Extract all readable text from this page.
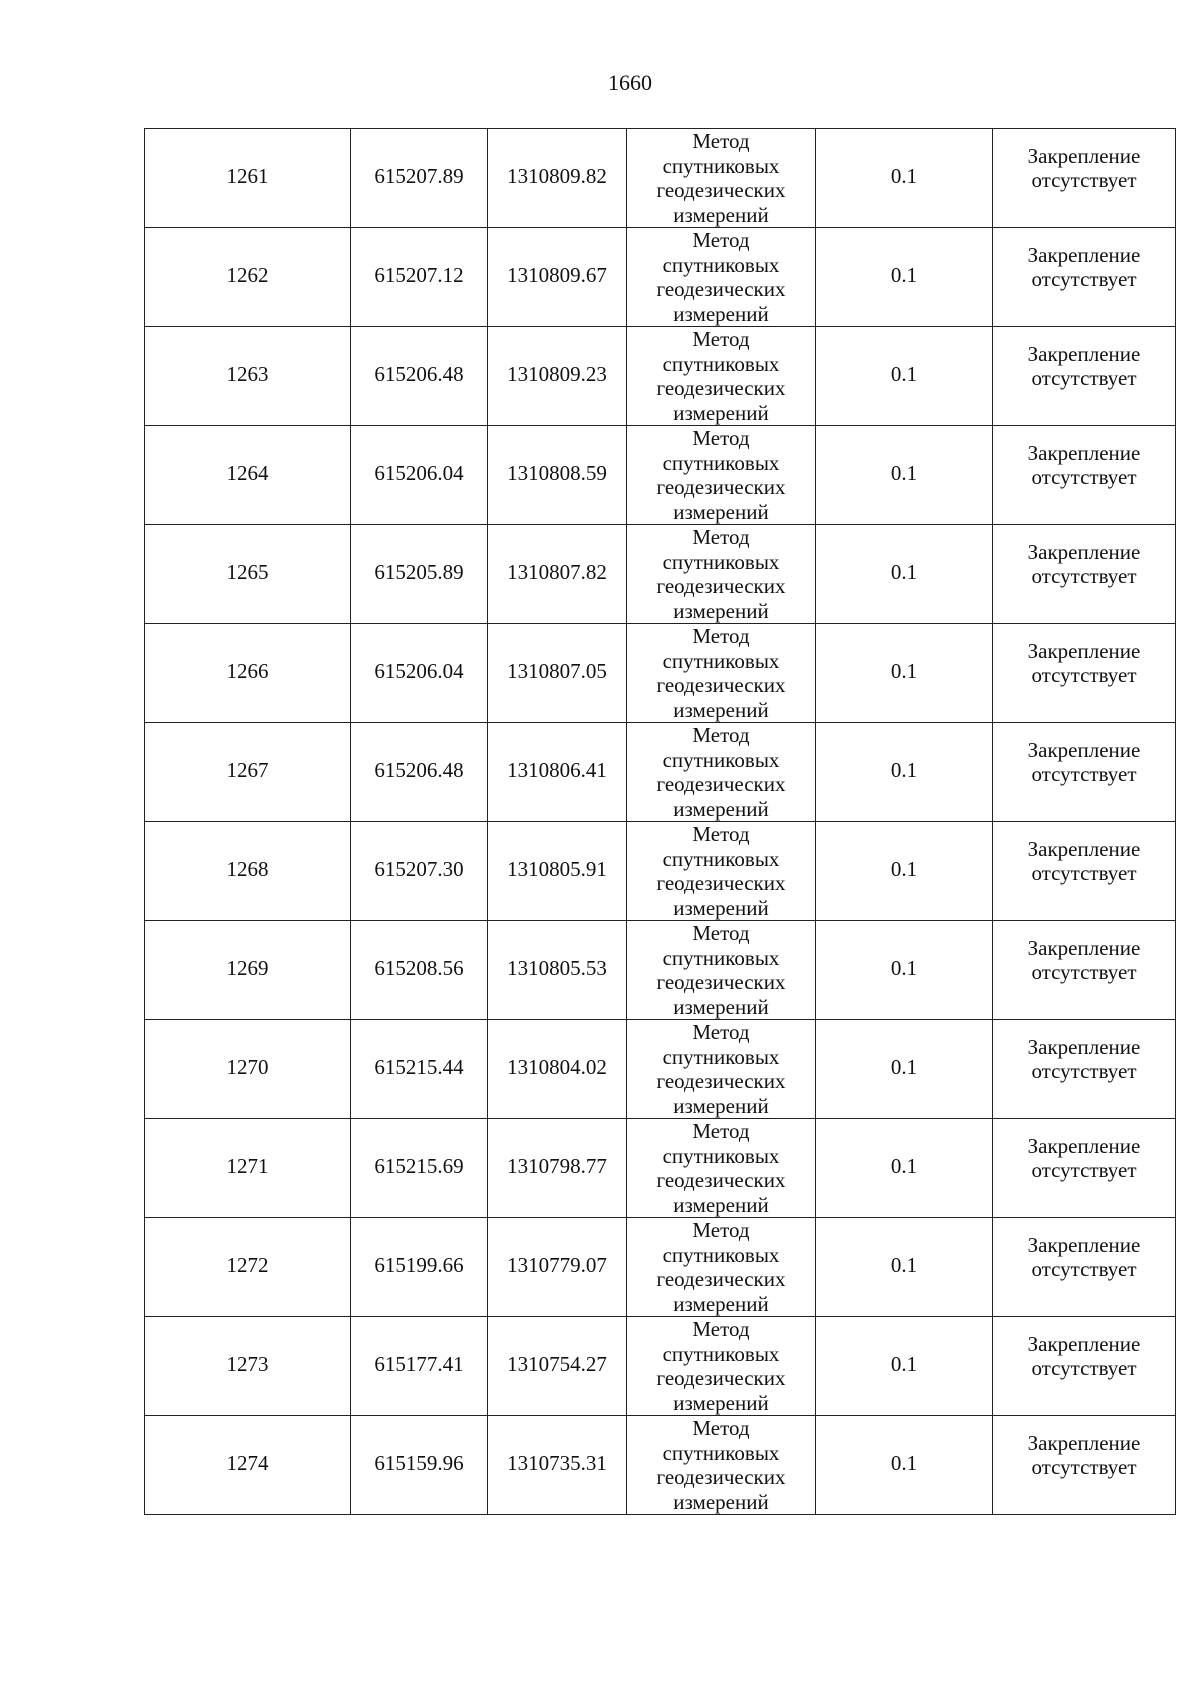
1660
1261	615207.89	1310809.82	Метод
спутниковых
геодезических
измерений	0.1	Закрепление
отсутствует
1262	615207.12	1310809.67	Метод
спутниковых
геодезических
измерений	0.1	Закрепление
отсутствует
1263	615206.48	1310809.23	Метод
спутниковых
геодезических
измерений	0.1	Закрепление
отсутствует
1264	615206.04	1310808.59	Метод
спутниковых
геодезических
измерений	0.1	Закрепление
отсутствует
1265	615205.89	1310807.82	Метод
спутниковых
геодезических
измерений	0.1	Закрепление
отсутствует
1266	615206.04	1310807.05	Метод
спутниковых
геодезических
измерений	0.1	Закрепление
отсутствует
1267	615206.48	1310806.41	Метод
спутниковых
геодезических
измерений	0.1	Закрепление
отсутствует
1268	615207.30	1310805.91	Метод
спутниковых
геодезических
измерений	0.1	Закрепление
отсутствует
1269	615208.56	1310805.53	Метод
спутниковых
геодезических
измерений	0.1	Закрепление
отсутствует
1270	615215.44	1310804.02	Метод
спутниковых
геодезических
измерений	0.1	Закрепление
отсутствует
1271	615215.69	1310798.77	Метод
спутниковых
геодезических
измерений	0.1	Закрепление
отсутствует
1272	615199.66	1310779.07	Метод
спутниковых
геодезических
измерений	0.1	Закрепление
отсутствует
1273	615177.41	1310754.27	Метод
спутниковых
геодезических
измерений	0.1	Закрепление
отсутствует
1274	615159.96	1310735.31	Метод
спутниковых
геодезических
измерений	0.1	Закрепление
отсутствует
